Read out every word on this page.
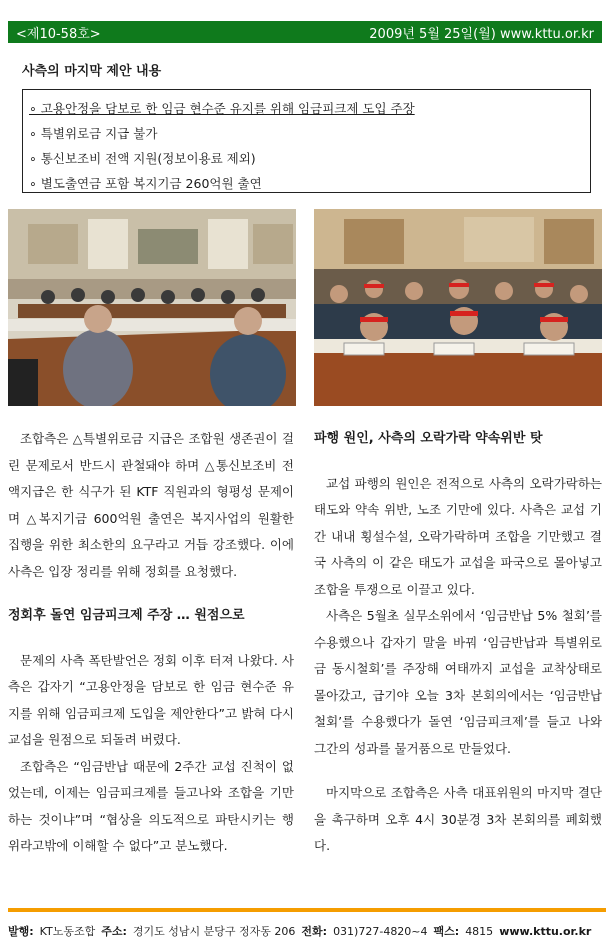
<제10-58호>	2009년 5월 25일(월) www.kttu.or.kr
사측의 마지막 제안 내용
∘ 고용안정을 담보로 한 임금 현수준 유지를 위해 임금피크제 도입 주장
∘ 특별위로금 지급 불가
∘ 통신보조비 전액 지원(정보이용료 제외)
∘ 별도출연금 포함 복지기금 260억원 출연

조합측은 △특별위로금 지급은 조합원 생존권이 걸린 문제로서 반드시 관철돼야 하며 △통신보조비 전액지급은 한 식구가 된 KTF 직원과의 형평성 문제이며 △복지기금 600억원 출연은 복지사업의 원활한 집행을 위한 최소한의 요구라고 거듭 강조했다. 이에 사측은 입장 정리를 위해 정회를 요청했다.

정회후 돌연 임금피크제 주장 … 원점으로

문제의 사측 폭탄발언은 정회 이후 터져 나왔다. 사측은 갑자기 “고용안정을 담보로 한 임금 현수준 유지를 위해 임금피크제 도입을 제안한다”고 밝혀 다시 교섭을 원점으로 되돌려 버렸다.

조합측은 “임금반납 때문에 2주간 교섭 진척이 없었는데, 이제는 임금피크제를 들고나와 조합을 기만하는 것이냐”며 “협상을 의도적으로 파탄시키는 행위라고밖에 이해할 수 없다”고 분노했다.

파행 원인, 사측의 오락가락 약속위반 탓

교섭 파행의 원인은 전적으로 사측의 오락가락하는 태도와 약속 위반, 노조 기만에 있다. 사측은 교섭 기간 내내 횡설수설, 오락가락하며 조합을 기만했고 결국 사측의 이 같은 태도가 교섭을 파국으로 몰아넣고 조합을 투쟁으로 이끌고 있다.

사측은 5월초 실무소위에서 ‘임금반납 5% 철회’를 수용했으나 갑자기 말을 바꿔 ‘임금반납과 특별위로금 동시철회’를 주장해 여태까지 교섭을 교착상태로 몰아갔고, 급기야 오늘 3차 본회의에서는 ‘임금반납 철회’를 수용했다가 돌연 ‘임금피크제’를 들고 나와 그간의 성과를 물거품으로 만들었다.

마지막으로 조합측은 사측 대표위원의 마지막 결단을 촉구하며 오후 4시 30분경 3차 본회의를 폐회했다.

발행: KT노동조합 주소: 경기도 성남시 분당구 정자동 206 전화: 031)727-4820~4 팩스: 4815 www.kttu.or.kr
